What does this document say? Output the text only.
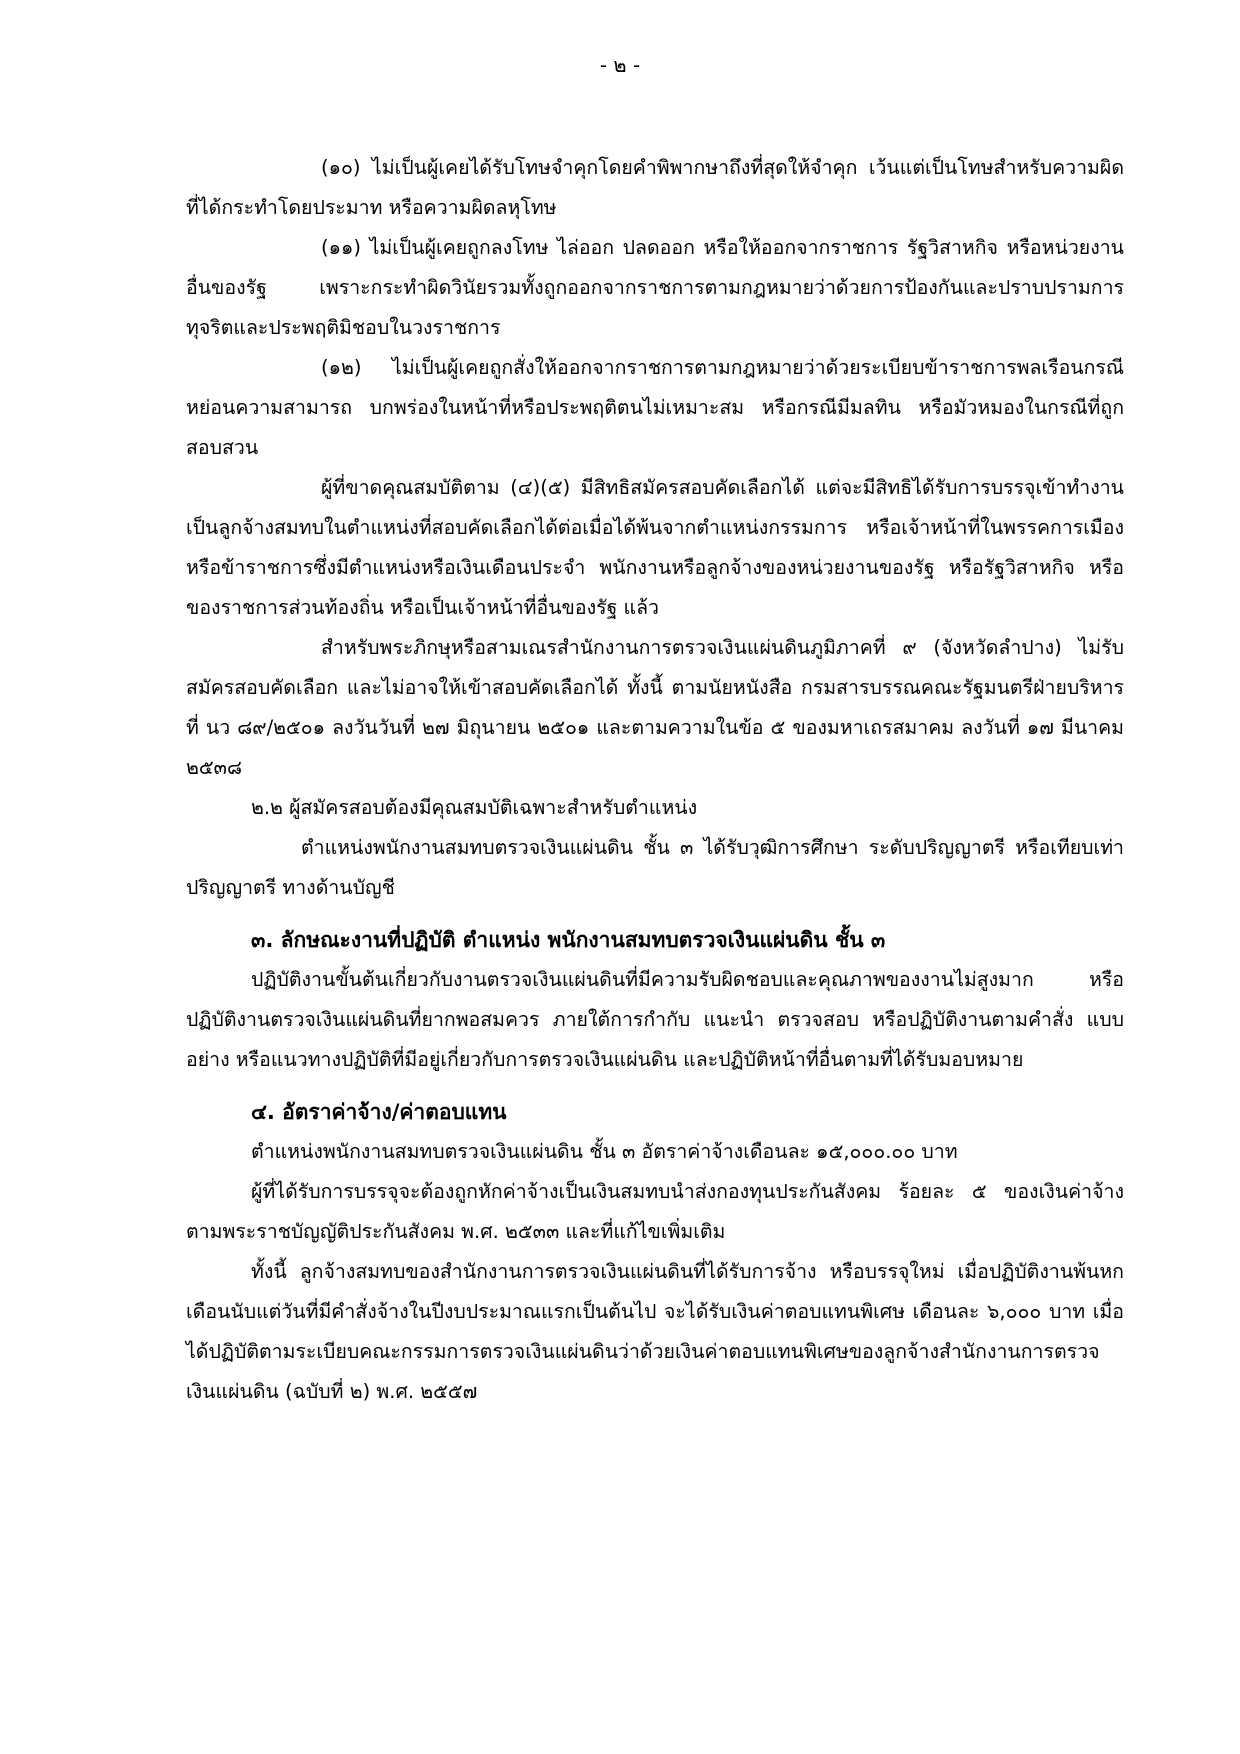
- ๒ -

(๑๐) ไม่เป็นผู้เคยได้รับโทษจำคุกโดยคำพิพากษาถึงที่สุดให้จำคุก เว้นแต่เป็นโทษสำหรับความผิดที่ได้กระทำโดยประมาท หรือความผิดลหุโทษ

(๑๑) ไม่เป็นผู้เคยถูกลงโทษ ไล่ออก ปลดออก หรือให้ออกจากราชการ รัฐวิสาหกิจ หรือหน่วยงานอื่นของรัฐ เพราะกระทำผิดวินัยรวมทั้งถูกออกจากราชการตามกฎหมายว่าด้วยการป้องกันและปราบปรามการทุจริตและประพฤติมิชอบในวงราชการ

(๑๒) ไม่เป็นผู้เคยถูกสั่งให้ออกจากราชการตามกฎหมายว่าด้วยระเบียบข้าราชการพลเรือนกรณีหย่อนความสามารถ บกพร่องในหน้าที่หรือประพฤติตนไม่เหมาะสม หรือกรณีมีมลทิน หรือมัวหมองในกรณีที่ถูกสอบสวน

ผู้ที่ขาดคุณสมบัติตาม (๔)(๕) มีสิทธิสมัครสอบคัดเลือกได้ แต่จะมีสิทธิได้รับการบรรจุเข้าทำงานเป็นลูกจ้างสมทบในตำแหน่งที่สอบคัดเลือกได้ต่อเมื่อได้พ้นจากตำแหน่งกรรมการ หรือเจ้าหน้าที่ในพรรคการเมือง หรือข้าราชการซึ่งมีตำแหน่งหรือเงินเดือนประจำ พนักงานหรือลูกจ้างของหน่วยงานของรัฐ หรือรัฐวิสาหกิจ หรือของราชการส่วนท้องถิ่น หรือเป็นเจ้าหน้าที่อื่นของรัฐ แล้ว

สำหรับพระภิกษุหรือสามเณรสำนักงานการตรวจเงินแผ่นดินภูมิภาคที่ ๙ (จังหวัดลำปาง) ไม่รับสมัครสอบคัดเลือก และไม่อาจให้เข้าสอบคัดเลือกได้ ทั้งนี้ ตามนัยหนังสือ กรมสารบรรณคณะรัฐมนตรีฝ่ายบริหาร ที่ นว ๘๙/๒๕๐๑ ลงวันวันที่ ๒๗ มิถุนายน ๒๕๐๑ และตามความในข้อ ๕ ของมหาเถรสมาคม ลงวันที่ ๑๗ มีนาคม ๒๕๓๘

๒.๒ ผู้สมัครสอบต้องมีคุณสมบัติเฉพาะสำหรับตำแหน่ง

ตำแหน่งพนักงานสมทบตรวจเงินแผ่นดิน ชั้น ๓ ได้รับวุฒิการศึกษา ระดับปริญญาตรี หรือเทียบเท่าปริญญาตรี ทางด้านบัญชี

๓. ลักษณะงานที่ปฏิบัติ ตำแหน่ง พนักงานสมทบตรวจเงินแผ่นดิน ชั้น ๓

ปฏิบัติงานขั้นต้นเกี่ยวกับงานตรวจเงินแผ่นดินที่มีความรับผิดชอบและคุณภาพของงานไม่สูงมาก หรือปฏิบัติงานตรวจเงินแผ่นดินที่ยากพอสมควร ภายใต้การกำกับ แนะนำ ตรวจสอบ หรือปฏิบัติงานตามคำสั่ง แบบอย่าง หรือแนวทางปฏิบัติที่มีอยู่เกี่ยวกับการตรวจเงินแผ่นดิน และปฏิบัติหน้าที่อื่นตามที่ได้รับมอบหมาย

๔. อัตราค่าจ้าง/ค่าตอบแทน

ตำแหน่งพนักงานสมทบตรวจเงินแผ่นดิน ชั้น ๓ อัตราค่าจ้างเดือนละ ๑๕,๐๐๐.๐๐ บาท

ผู้ที่ได้รับการบรรจุจะต้องถูกหักค่าจ้างเป็นเงินสมทบนำส่งกองทุนประกันสังคม ร้อยละ ๕ ของเงินค่าจ้างตามพระราชบัญญัติประกันสังคม พ.ศ. ๒๕๓๓ และที่แก้ไขเพิ่มเติม

ทั้งนี้ ลูกจ้างสมทบของสำนักงานการตรวจเงินแผ่นดินที่ได้รับการจ้าง หรือบรรจุใหม่ เมื่อปฏิบัติงานพ้นหกเดือนนับแต่วันที่มีคำสั่งจ้างในปีงบประมาณแรกเป็นต้นไป จะได้รับเงินค่าตอบแทนพิเศษ เดือนละ ๖,๐๐๐ บาท เมื่อได้ปฏิบัติตามระเบียบคณะกรรมการตรวจเงินแผ่นดินว่าด้วยเงินค่าตอบแทนพิเศษของลูกจ้างสำนักงานการตรวจเงินแผ่นดิน (ฉบับที่ ๒) พ.ศ. ๒๕๕๗
